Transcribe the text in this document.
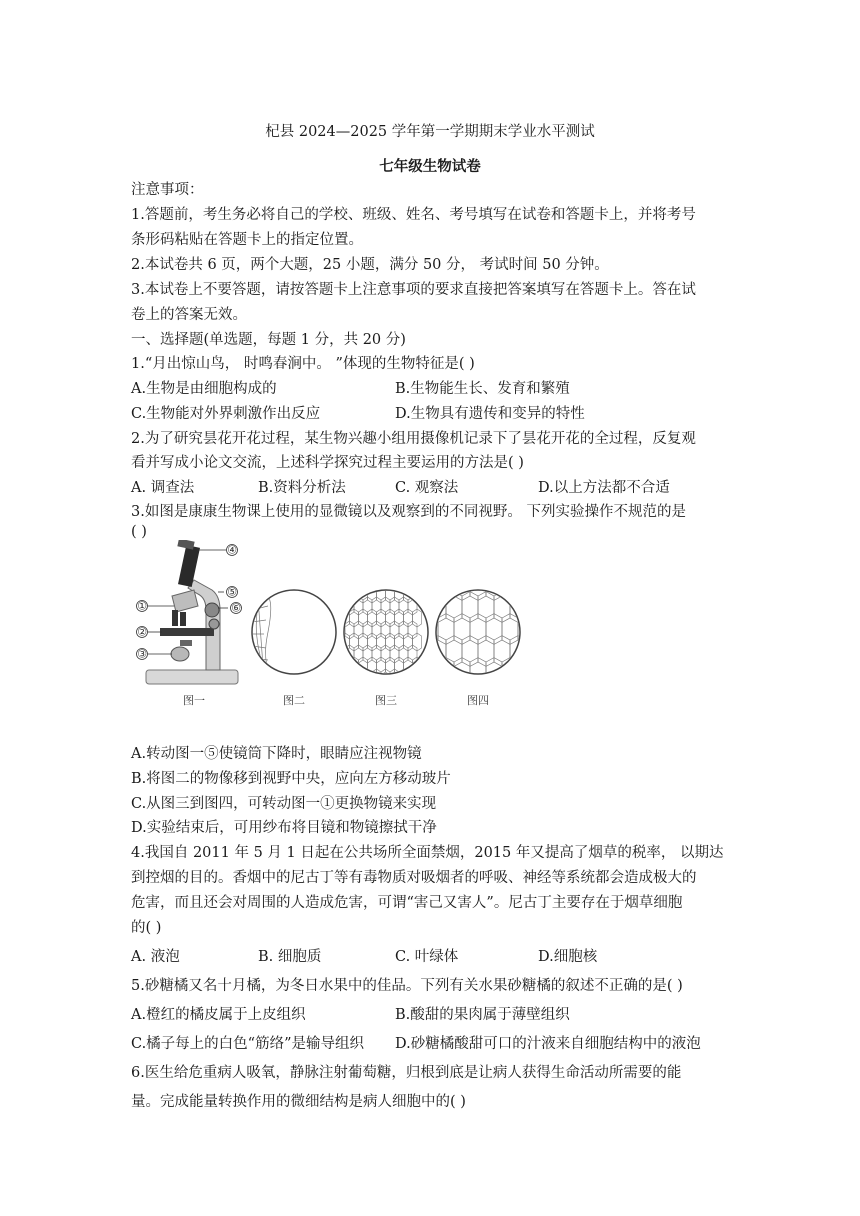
杞县 2024—2025 学年第一学期期末学业水平测试
七年级生物试卷
注意事项：
1.答题前，考生务必将自己的学校、班级、姓名、考号填写在试卷和答题卡上，并将考号
条形码粘贴在答题卡上的指定位置。
2.本试卷共 6 页，两个大题，25 小题，满分 50 分， 考试时间 50 分钟。
3.本试卷上不要答题，请按答题卡上注意事项的要求直接把答案填写在答题卡上。答在试
卷上的答案无效。
一、选择题(单选题，每题 1 分，共 20 分)
1.“月出惊山鸟， 时鸣春涧中。 ”体现的生物特征是( )
A.生物是由细胞构成的	B.生物能生长、发育和繁殖
C.生物能对外界刺激作出反应	D.生物具有遗传和变异的特性
2.为了研究昙花开花过程，某生物兴趣小组用摄像机记录下了昙花开花的全过程，反复观
看并写成小论文交流，上述科学探究过程主要运用的方法是( )
A. 调查法	B.资料分析法	C. 观察法	D.以上方法都不合适
3.如图是康康生物课上使用的显微镜以及观察到的不同视野。 下列实验操作不规范的是
( )
④
⑤
⑥
①
②
③
图一	图二	图三	图四
A.转动图一⑤使镜筒下降时，眼睛应注视物镜
B.将图二的物像移到视野中央，应向左方移动玻片
C.从图三到图四，可转动图一①更换物镜来实现
D.实验结束后，可用纱布将目镜和物镜擦拭干净
4.我国自 2011 年 5 月 1 日起在公共场所全面禁烟，2015 年又提高了烟草的税率， 以期达
到控烟的目的。香烟中的尼古丁等有毒物质对吸烟者的呼吸、神经等系统都会造成极大的
危害，而且还会对周围的人造成危害，可谓“害己又害人”。尼古丁主要存在于烟草细胞
的( )
A. 液泡	B. 细胞质	C. 叶绿体	D.细胞核
5.砂糖橘又名十月橘，为冬日水果中的佳品。下列有关水果砂糖橘的叙述不正确的是( )
A.橙红的橘皮属于上皮组织	B.酸甜的果肉属于薄壁组织
C.橘子每上的白色“筋络”是输导组织 D.砂糖橘酸甜可口的汁液来自细胞结构中的液泡
6.医生给危重病人吸氧，静脉注射葡萄糖，归根到底是让病人获得生命活动所需要的能
量。完成能量转换作用的微细结构是病人细胞中的( )
